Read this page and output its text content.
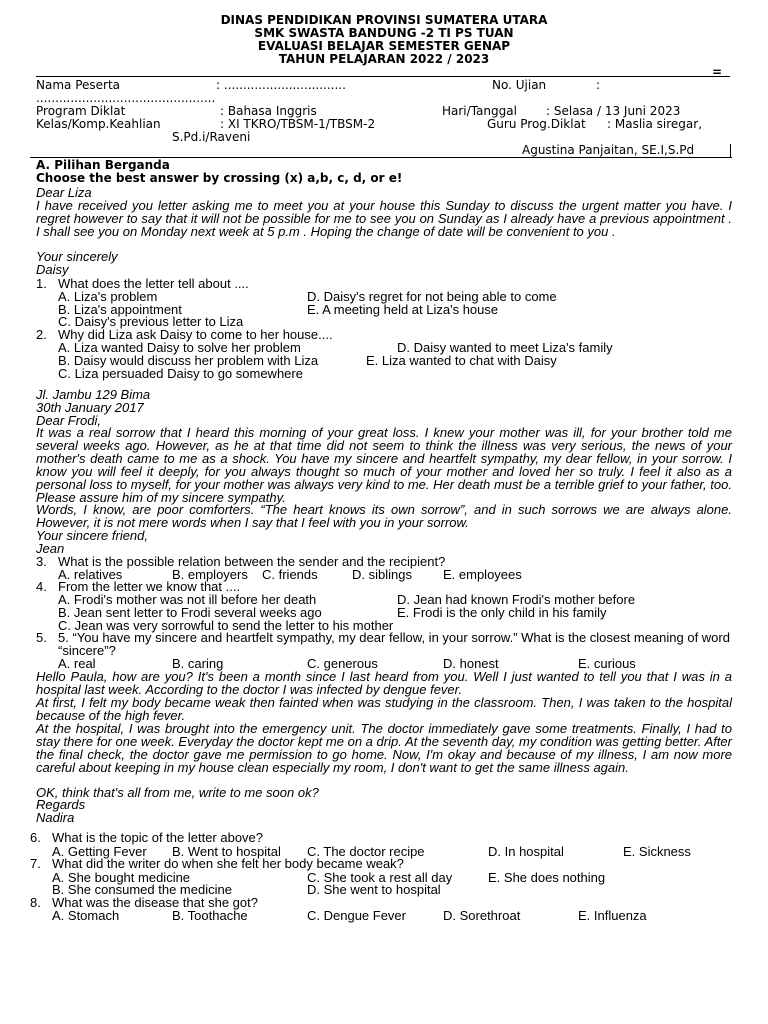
DINAS PENDIDIKAN PROVINSI SUMATERA UTARA
SMK SWASTA BANDUNG -2 TI PS TUAN
EVALUASI BELAJAR SEMESTER GENAP
TAHUN PELAJARAN 2022 / 2023
=
Nama Peserta	: ................................	No. Ujian	:
...............................................
Program Diklat	: Bahasa Inggris	Hari/Tanggal : Selasa / 13 Juni 2023
Kelas/Komp.Keahlian	: XI TKRO/TBSM-1/TBSM-2	Guru Prog.Diklat : Maslia siregar,
S.Pd.i/Raveni
Agustina Panjaitan, SE.I,S.Pd
A. Pilihan Berganda
Choose the best answer by crossing (x) a,b, c, d, or e!
Dear Liza
I have received you letter asking me to meet you at your house this Sunday to discuss the urgent matter you have. I regret however to say that it will not be possible for me to see you on Sunday as I already have a previous appointment . I shall see you on Monday next week at 5 p.m . Hoping the change of date will be convenient to you .
Your sincerely
Daisy
1. What does the letter tell about ....
A. Liza's problem	D. Daisy's regret for not being able to come
B. Liza's appointment	E. A meeting held at Liza's house
C. Daisy's previous letter to Liza
2. Why did Liza ask Daisy to come to her house....
A. Liza wanted Daisy to solve her problem	D. Daisy wanted to meet Liza's family
B. Daisy would discuss her problem with Liza	E. Liza wanted to chat with Daisy
C. Liza persuaded Daisy to go somewhere
Jl. Jambu 129 Bima
30th January 2017
Dear Frodi,
It was a real sorrow that I heard this morning of your great loss. I knew your mother was ill, for your brother told me several weeks ago. However, as he at that time did not seem to think the illness was very serious, the news of your mother's death came to me as a shock. You have my sincere and heartfelt sympathy, my dear fellow, in your sorrow. I know you will feel it deeply, for you always thought so much of your mother and loved her so truly. I feel it also as a personal loss to myself, for your mother was always very kind to me. Her death must be a terrible grief to your father, too. Please assure him of my sincere sympathy.
Words, I know, are poor comforters. “The heart knows its own sorrow”, and in such sorrows we are always alone. However, it is not mere words when I say that I feel with you in your sorrow.
Your sincere friend,
Jean
3. What is the possible relation between the sender and the recipient?
A. relatives	B. employers C. friends	D. siblings E. employees
4. From the letter we know that ....
A. Frodi's mother was not ill before her death	D. Jean had known Frodi's mother before
B. Jean sent letter to Frodi several weeks ago	E. Frodi is the only child in his family
C. Jean was very sorrowful to send the letter to his mother
5. 5. “You have my sincere and heartfelt sympathy, my dear fellow, in your sorrow.” What is the closest meaning of word “sincere”?
A. real	B. caring	C. generous	D. honest	E. curious
Hello Paula, how are you? It's been a month since I last heard from you. Well I just wanted to tell you that I was in a hospital last week. According to the doctor I was infected by dengue fever.
At first, I felt my body became weak then fainted when was studying in the classroom. Then, I was taken to the hospital because of the high fever.
At the hospital, I was brought into the emergency unit. The doctor immediately gave some treatments. Finally, I had to stay there for one week. Everyday the doctor kept me on a drip. At the seventh day, my condition was getting better. After the final check, the doctor gave me permission to go home. Now, I'm okay and because of my illness, I am now more careful about keeping in my house clean especially my room, I don't want to get the same illness again.
OK, think that's all from me, write to me soon ok?
Regards
Nadira
6. What is the topic of the letter above?
A. Getting Fever B. Went to hospital C. The doctor recipe	D. In hospital	E. Sickness
7. What did the writer do when she felt her body became weak?
A. She bought medicine	C. She took a rest all day	E. She does nothing
B. She consumed the medicine	D. She went to hospital
8. What was the disease that she got?
A. Stomach	B. Toothache	C. Dengue Fever	D. Sorethroat	E. Influenza
